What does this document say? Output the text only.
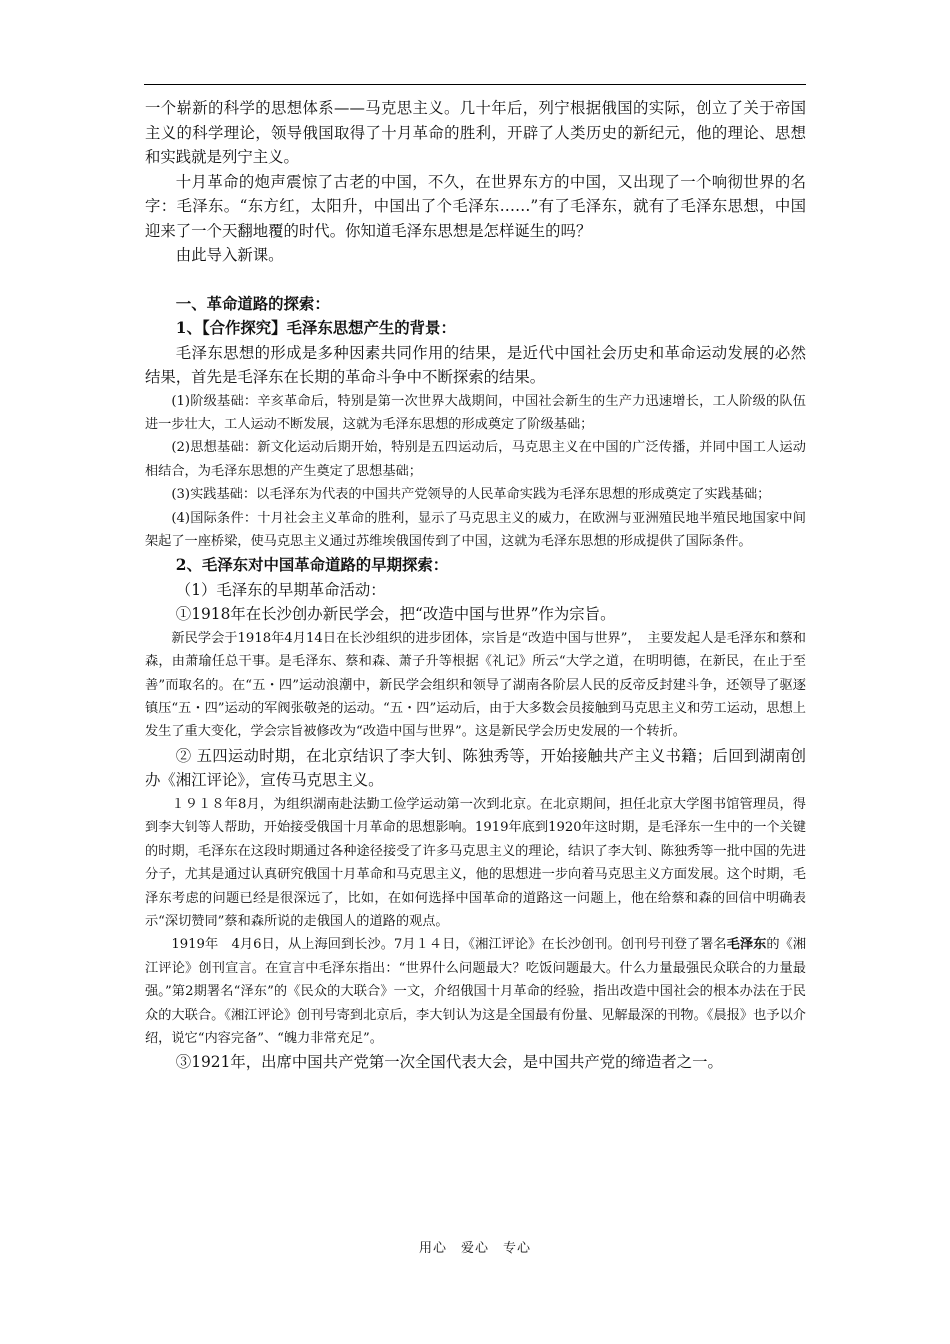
一个崭新的科学的思想体系——马克思主义。几十年后，列宁根据俄国的实际，创立了关于帝国主义的科学理论，领导俄国取得了十月革命的胜利，开辟了人类历史的新纪元，他的理论、思想和实践就是列宁主义。

十月革命的炮声震惊了古老的中国，不久，在世界东方的中国，又出现了一个响彻世界的名字：毛泽东。“东方红，太阳升，中国出了个毛泽东……”有了毛泽东，就有了毛泽东思想，中国迎来了一个天翻地覆的时代。你知道毛泽东思想是怎样诞生的吗？

由此导入新课。

一、革命道路的探索：

1、【合作探究】毛泽东思想产生的背景：

毛泽东思想的形成是多种因素共同作用的结果，是近代中国社会历史和革命运动发展的必然结果，首先是毛泽东在长期的革命斗争中不断探索的结果。

(1)阶级基础：辛亥革命后，特别是第一次世界大战期间，中国社会新生的生产力迅速增长，工人阶级的队伍进一步壮大，工人运动不断发展，这就为毛泽东思想的形成奠定了阶级基础；

(2)思想基础：新文化运动后期开始，特别是五四运动后，马克思主义在中国的广泛传播，并同中国工人运动相结合，为毛泽东思想的产生奠定了思想基础；

(3)实践基础：以毛泽东为代表的中国共产党领导的人民革命实践为毛泽东思想的形成奠定了实践基础；

(4)国际条件：十月社会主义革命的胜利，显示了马克思主义的威力，在欧洲与亚洲殖民地半殖民地国家中间架起了一座桥梁，使马克思主义通过苏维埃俄国传到了中国，这就为毛泽东思想的形成提供了国际条件。

2、毛泽东对中国革命道路的早期探索：

（1）毛泽东的早期革命活动：

①1918年在长沙创办新民学会，把“改造中国与世界”作为宗旨。

新民学会于1918年4月14日在长沙组织的进步团体，宗旨是“改造中国与世界”，　主要发起人是毛泽东和蔡和森，由萧瑜任总干事。是毛泽东、蔡和森、萧子升等根据《礼记》所云“大学之道，在明明德，在新民，在止于至善”而取名的。在“五・四”运动浪潮中，新民学会组织和领导了湖南各阶层人民的反帝反封建斗争，还领导了驱逐镇压“五・四”运动的军阀张敬尧的运动。“五・四”运动后，由于大多数会员接触到马克思主义和劳工运动，思想上发生了重大变化，学会宗旨被修改为“改造中国与世界”。这是新民学会历史发展的一个转折。

② 五四运动时期，在北京结识了李大钊、陈独秀等，开始接触共产主义书籍；后回到湖南创办《湘江评论》，宣传马克思主义。

１９１８年8月，为组织湖南赴法勤工俭学运动第一次到北京。在北京期间，担任北京大学图书馆管理员，得到李大钊等人帮助，开始接受俄国十月革命的思想影响。1919年底到1920年这时期，是毛泽东一生中的一个关键的时期，毛泽东在这段时期通过各种途径接受了许多马克思主义的理论，结识了李大钊、陈独秀等一批中国的先进分子，尤其是通过认真研究俄国十月革命和马克思主义，他的思想进一步向着马克思主义方面发展。这个时期，毛泽东考虑的问题已经是很深远了，比如，在如何选择中国革命的道路这一问题上，他在给蔡和森的回信中明确表示“深切赞同”蔡和森所说的走俄国人的道路的观点。

1919年　4月6日，从上海回到长沙。7月１４日，《湘江评论》在长沙创刊。创刊号刊登了署名毛泽东的《湘江评论》创刊宣言。在宣言中毛泽东指出：“世界什么问题最大？吃饭问题最大。什么力量最强民众联合的力量最强。”第2期署名“泽东”的《民众的大联合》一文，介绍俄国十月革命的经验，指出改造中国社会的根本办法在于民众的大联合。《湘江评论》创刊号寄到北京后，李大钊认为这是全国最有份量、见解最深的刊物。《晨报》也予以介绍，说它“内容完备”、“魄力非常充足”。

③1921年，出席中国共产党第一次全国代表大会，是中国共产党的缔造者之一。

用心　爱心　专心
